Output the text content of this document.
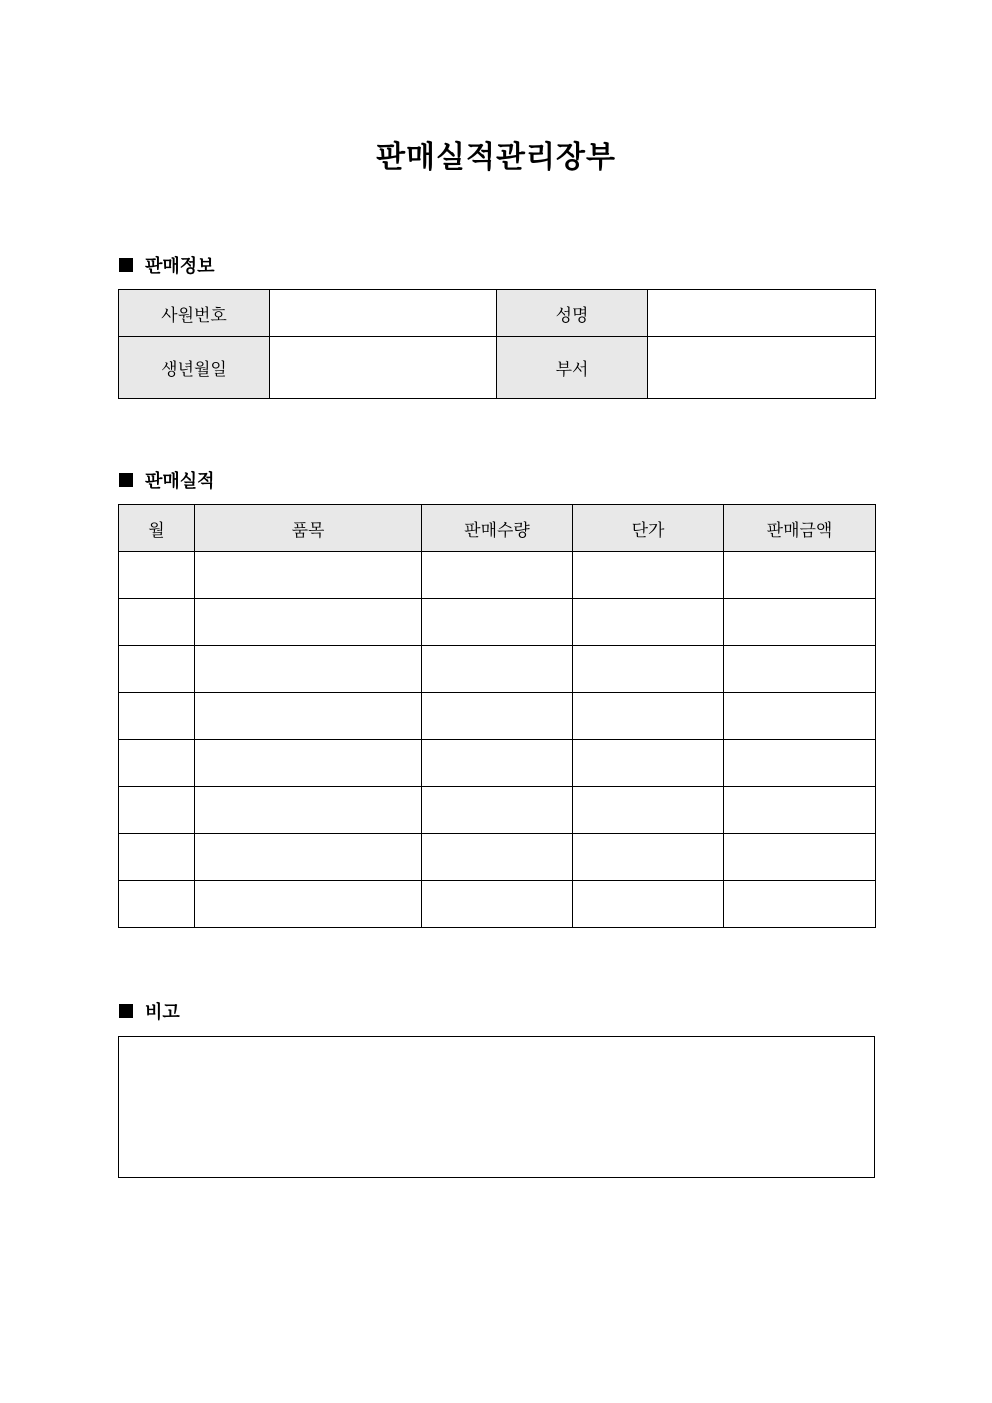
판매실적관리장부
판매정보
사원번호		성명	
생년월일		부서	
판매실적
월	품목	판매수량	단가	판매금액

비고
